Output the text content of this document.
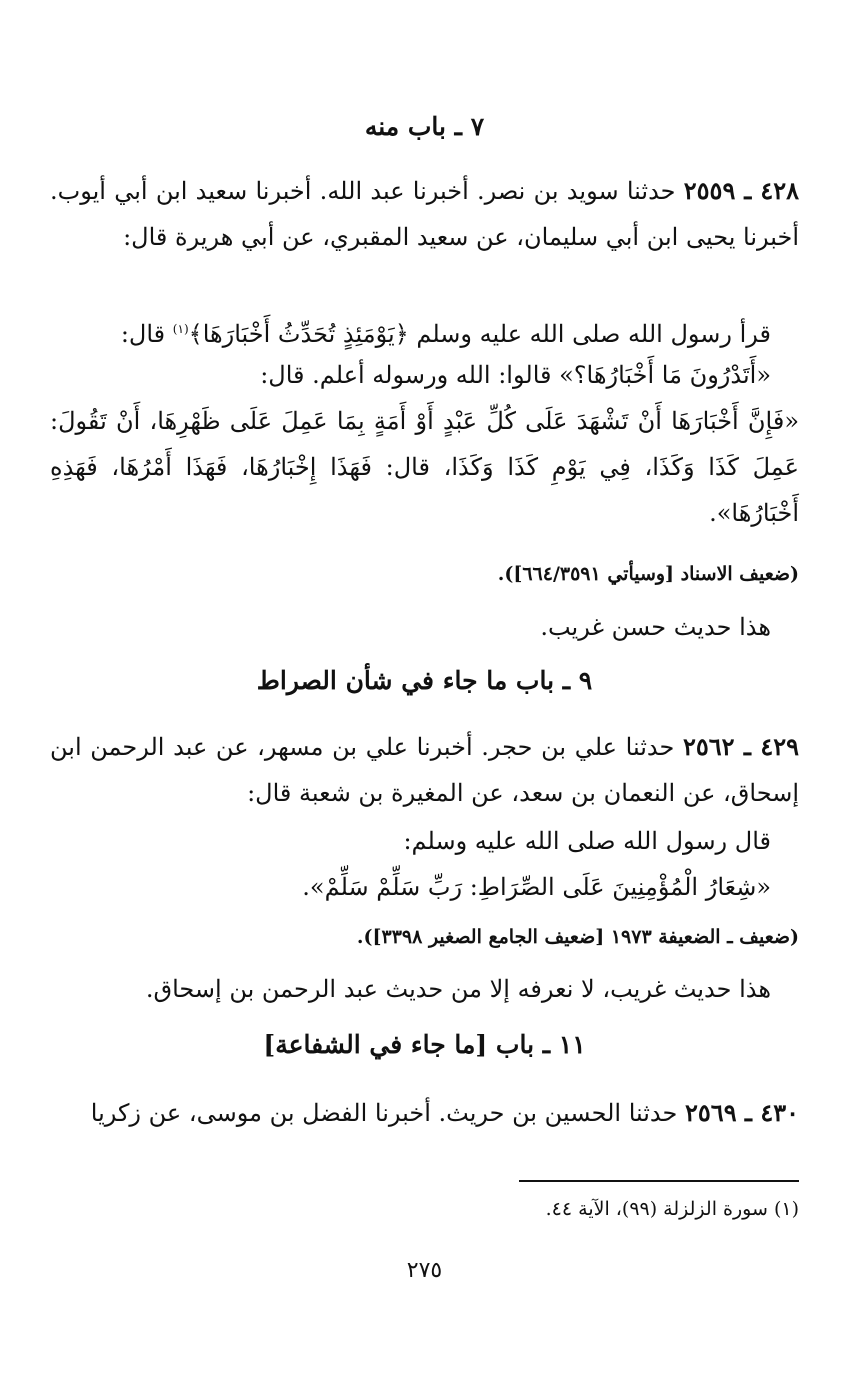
٧ ـ باب منه
٤٢٨ ـ ٢٥٥٩ حدثنا سويد بن نصر. أخبرنا عبد الله. أخبرنا سعيد ابن أبي أيوب. أخبرنا يحيى ابن أبي سليمان، عن سعيد المقبري، عن أبي هريرة قال:
قرأ رسول الله صلى الله عليه وسلم ﴿يَوْمَئِذٍ تُحَدِّثُ أَخْبَارَهَا﴾$^{(١)}$ قال:
«أَتَدْرُونَ مَا أَخْبَارُهَا؟» قالوا: الله ورسوله أعلم. قال:
«فَإِنَّ أَخْبَارَهَا أَنْ تَشْهَدَ عَلَى كُلِّ عَبْدٍ أَوْ أَمَةٍ بِمَا عَمِلَ عَلَى ظَهْرِهَا، أَنْ تَقُولَ: عَمِلَ كَذَا وَكَذَا، فِي يَوْمِ كَذَا وَكَذَا، قال: فَهَذَا إِخْبَارُهَا، فَهَذَا أَمْرُهَا، فَهَذِهِ أَخْبَارُهَا».
(ضعيف الاسناد [وسيأتي ٦٦٤/٣٥٩١]).
هذا حديث حسن غريب.
٩ ـ باب ما جاء في شأن الصراط
٤٢٩ ـ ٢٥٦٢ حدثنا علي بن حجر. أخبرنا علي بن مسهر، عن عبد الرحمن ابن إسحاق، عن النعمان بن سعد، عن المغيرة بن شعبة قال:
قال رسول الله صلى الله عليه وسلم:
«شِعَارُ الْمُؤْمِنِينَ عَلَى الصِّرَاطِ: رَبِّ سَلِّمْ سَلِّمْ».
(ضعيف ـ الضعيفة ١٩٧٣ [ضعيف الجامع الصغير ٣٣٩٨]).
هذا حديث غريب، لا نعرفه إلا من حديث عبد الرحمن بن إسحاق.
١١ ـ باب [ما جاء في الشفاعة]
٤٣٠ ـ ٢٥٦٩ حدثنا الحسين بن حريث. أخبرنا الفضل بن موسى، عن زكريا
(١) سورة الزلزلة (٩٩)، الآية ٤٤.
٢٧٥
